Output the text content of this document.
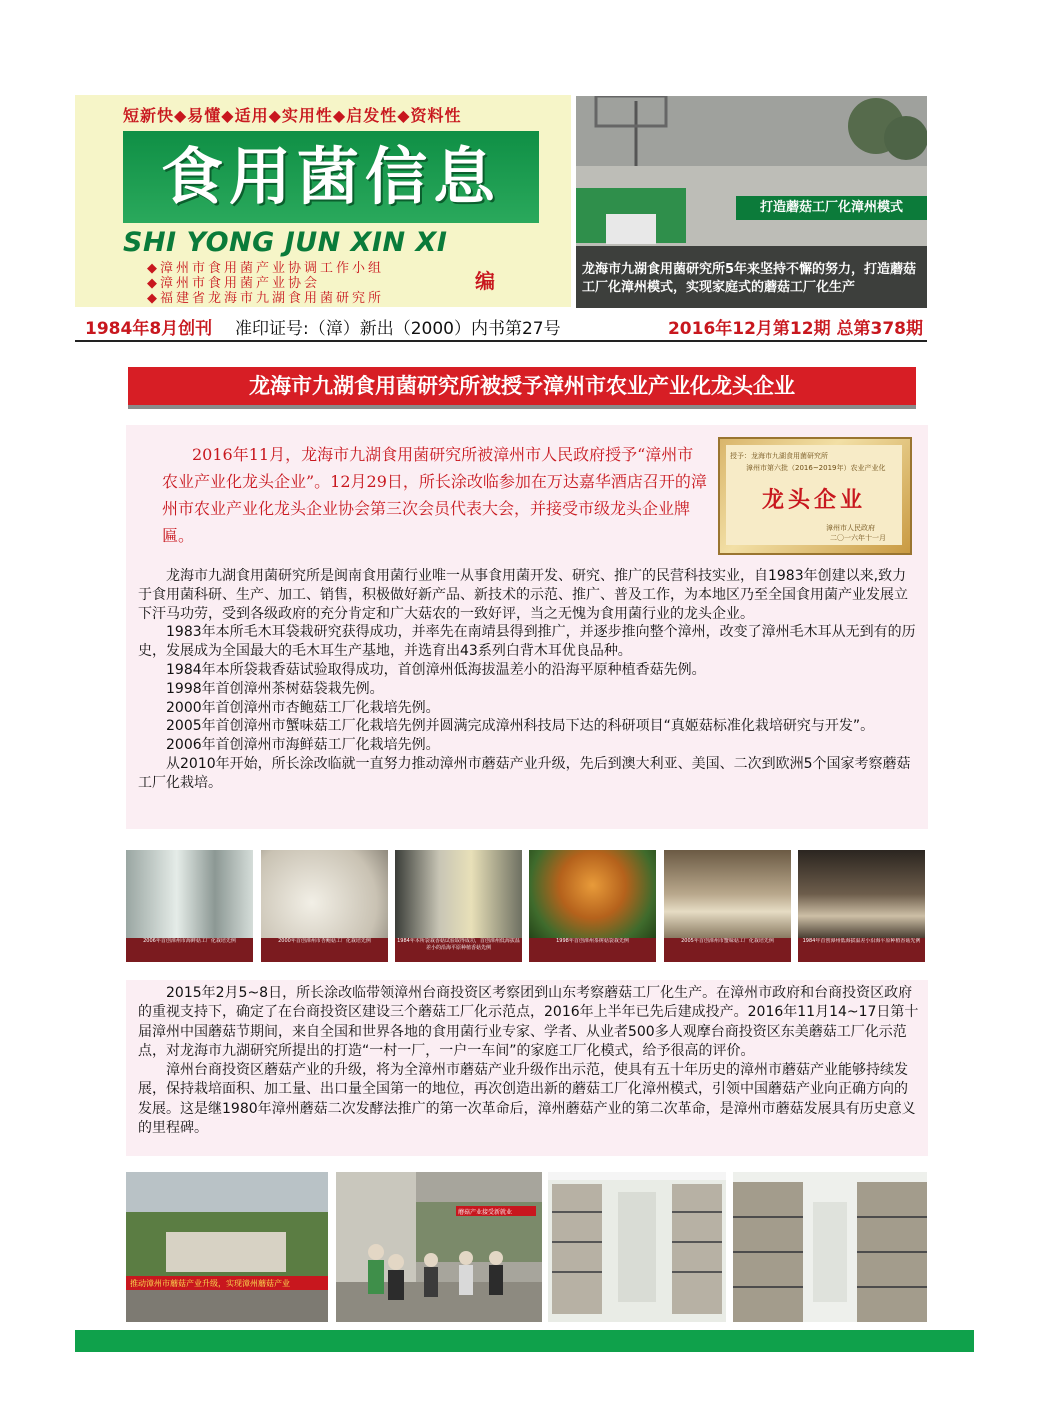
短新快◆易懂◆适用◆实用性◆启发性◆资料性
食用菌信息
SHI YONG JUN XIN XI
◆漳州市食用菌产业协调工作小组
◆漳州市食用菌产业协会
◆福建省龙海市九湖食用菌研究所
编
打造蘑菇工厂化漳州模式
龙海市九湖食用菌研究所5年来坚持不懈的努力，打造蘑菇工厂化漳州模式，实现家庭式的蘑菇工厂化生产
1984年8月创刊 准印证号:（漳）新出（2000）内书第27号	2016年12月第12期 总第378期
龙海市九湖食用菌研究所被授予漳州市农业产业化龙头企业
2016年11月，龙海市九湖食用菌研究所被漳州市人民政府授予“漳州市农业产业化龙头企业”。12月29日，所长涂改临参加在万达嘉华酒店召开的漳州市农业产业化龙头企业协会第三次会员代表大会，并接受市级龙头企业牌匾。
授予：龙海市九湖食用菌研究所
漳州市第六批（2016~2019年）农业产业化
龙头企业
漳州市人民政府
二〇一六年十一月

龙海市九湖食用菌研究所是闽南食用菌行业唯一从事食用菌开发、研究、推广的民营科技实业，自1983年创建以来,致力于食用菌科研、生产、加工、销售，积极做好新产品、新技术的示范、推广、普及工作，为本地区乃至全国食用菌产业发展立下汗马功劳，受到各级政府的充分肯定和广大菇农的一致好评，当之无愧为食用菌行业的龙头企业。

1983年本所毛木耳袋栽研究获得成功，并率先在南靖县得到推广，并逐步推向整个漳州，改变了漳州毛木耳从无到有的历史，发展成为全国最大的毛木耳生产基地，并选育出43系列白背木耳优良品种。

1984年本所袋栽香菇试验取得成功，首创漳州低海拔温差小的沿海平原种植香菇先例。

1998年首创漳州茶树菇袋栽先例。

2000年首创漳州市杏鲍菇工厂化栽培先例。

2005年首创漳州市蟹味菇工厂化栽培先例并圆满完成漳州科技局下达的科研项目“真姬菇标准化栽培研究与开发”。

2006年首创漳州市海鲜菇工厂化栽培先例。

从2010年开始，所长涂改临就一直努力推动漳州市蘑菇产业升级，先后到澳大利亚、美国、二次到欧洲5个国家考察蘑菇工厂化栽培。

2006年首创漳州市海鲜菇工厂化栽培先例	2000年首创漳州市杏鲍菇工厂化栽培先例	1984年本所袋栽香菇试验取得成功，首创漳州低海拔温差小的沿海平原种植香菇先例
1998年首创漳州茶树菇袋栽先例	2005年首创漳州市蟹味菇工厂化栽培先例	1984年首创漳州低海拔温差小沿海平原种植香菇先例

2015年2月5~8日，所长涂改临带领漳州台商投资区考察团到山东考察蘑菇工厂化生产。在漳州市政府和台商投资区政府的重视支持下，确定了在台商投资区建设三个蘑菇工厂化示范点，2016年上半年已先后建成投产。2016年11月14~17日第十届漳州中国蘑菇节期间，来自全国和世界各地的食用菌行业专家、学者、从业者500多人观摩台商投资区东美蘑菇工厂化示范点，对龙海市九湖研究所提出的打造“一村一厂，一户一车间”的家庭工厂化模式，给予很高的评价。

漳州台商投资区蘑菇产业的升级，将为全漳州市蘑菇产业升级作出示范，使具有五十年历史的漳州市蘑菇产业能够持续发展，保持栽培面积、加工量、出口量全国第一的地位，再次创造出新的蘑菇工厂化漳州模式，引领中国蘑菇产业向正确方向的发展。这是继1980年漳州蘑菇二次发酵法推广的第一次革命后，漳州蘑菇产业的第二次革命，是漳州市蘑菇发展具有历史意义的里程碑。

推动漳州市蘑菇产业升级，实现漳州蘑菇产业
蘑菇产业接受新就业
